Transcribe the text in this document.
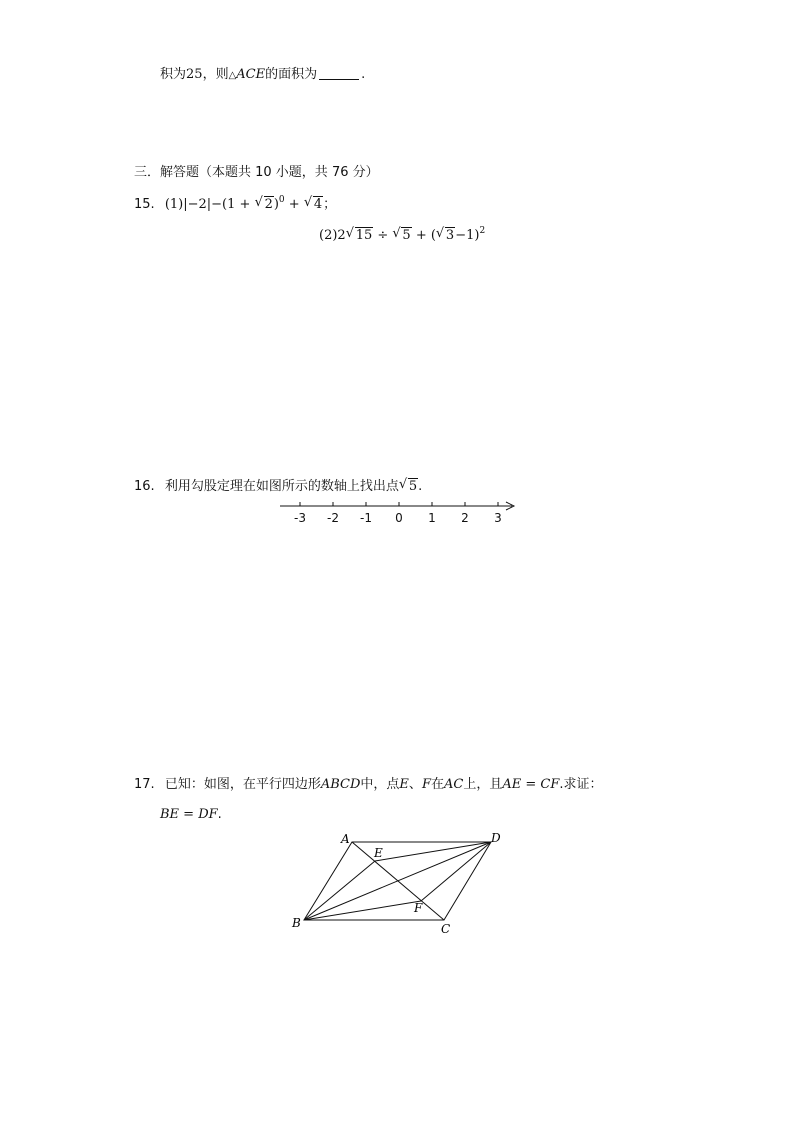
积为25，则△ACE的面积为	.
三．解答题（本题共 10 小题，共 76 分）
15. (1)|−2|−(1 + √ 2)$^0$ + √ 4；
(2)2 √ 15 ÷ √ 5 + ( √ 3−1)$^2$
16. 利用勾股定理在如图所示的数轴上找出点 √ 5.
-3 -2 -1 0 1 2 3
17. 已知：如图，在平行四边形ABCD中，点E、F在AC上，且AE = CF.求证：
BE = DF.
A
B	C
D
E
F
